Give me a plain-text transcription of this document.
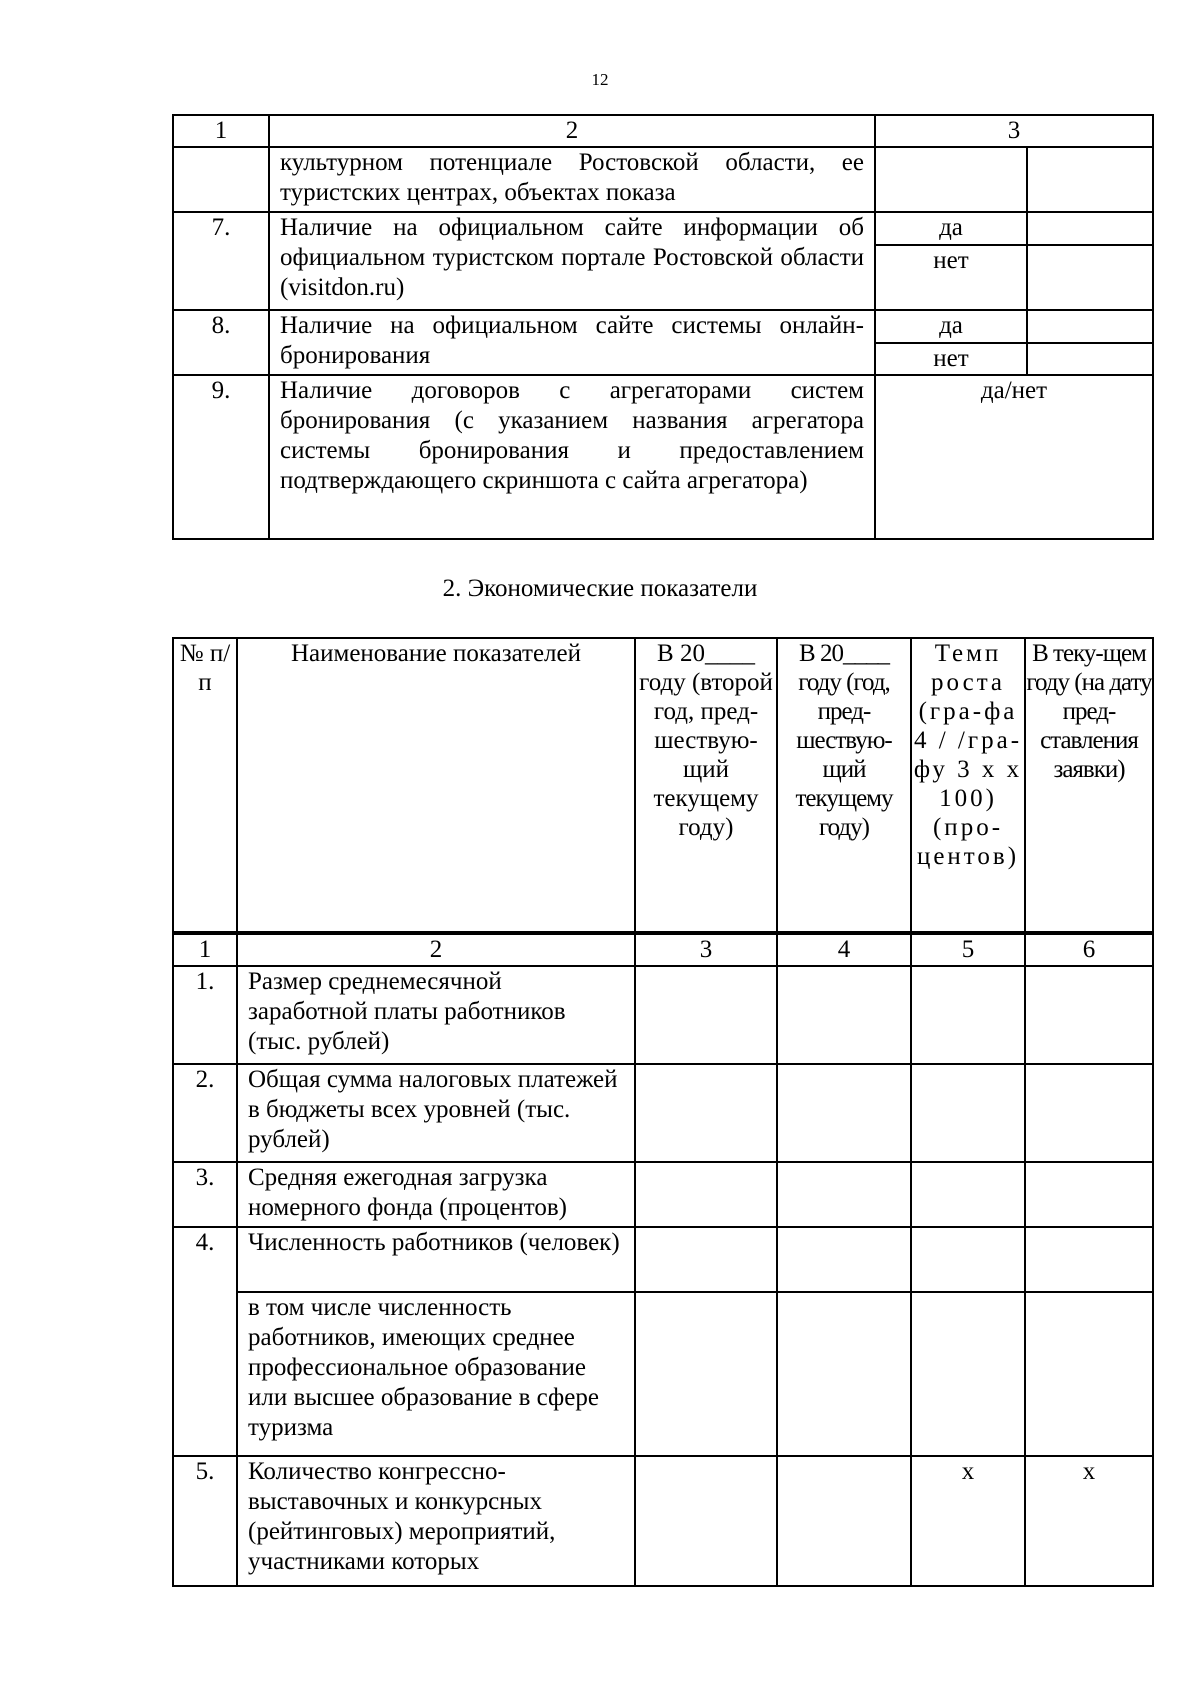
12
1	2	3	
	культурном потенциале Ростовской области, ее туристских центрах, объектах показа		
7.	Наличие на официальном сайте информации об официальном туристском портале Ростовской области (visitdon.ru)	да	
		нет	
8.	Наличие на официальном сайте системы онлайн-бронирования	да	
		нет	
9.	Наличие договоров с агрегаторами систем бронирования (с указанием названия агрегатора системы бронирования и предоставлением подтверждающего скриншота с сайта агрегатора)	да/нет	
2. Экономические показатели
№ п/п	Наименование показателей	В 20____ году (второй год, пред-шествую-щий текущему году)	В 20____ году (год, пред-шествую-щий текущему году)	Темп роста (гра-фа 4 / /гра-фу 3 х х 100) (про-центов)	В теку-щем году (на дату пред-ставления заявки)
1	2	3	4	5	6
1.	Размер среднемесячной заработной платы работников (тыс. рублей)				
2.	Общая сумма налоговых платежей в бюджеты всех уровней (тыс. рублей)				
3.	Средняя ежегодная загрузка номерного фонда (процентов)				
4.	Численность работников (человек)				
	в том числе численность работников, имеющих среднее профессиональное образование или высшее образование в сфере туризма				
5.	Количество конгрессно-выставочных и конкурсных (рейтинговых) мероприятий, участниками которых			х	х
